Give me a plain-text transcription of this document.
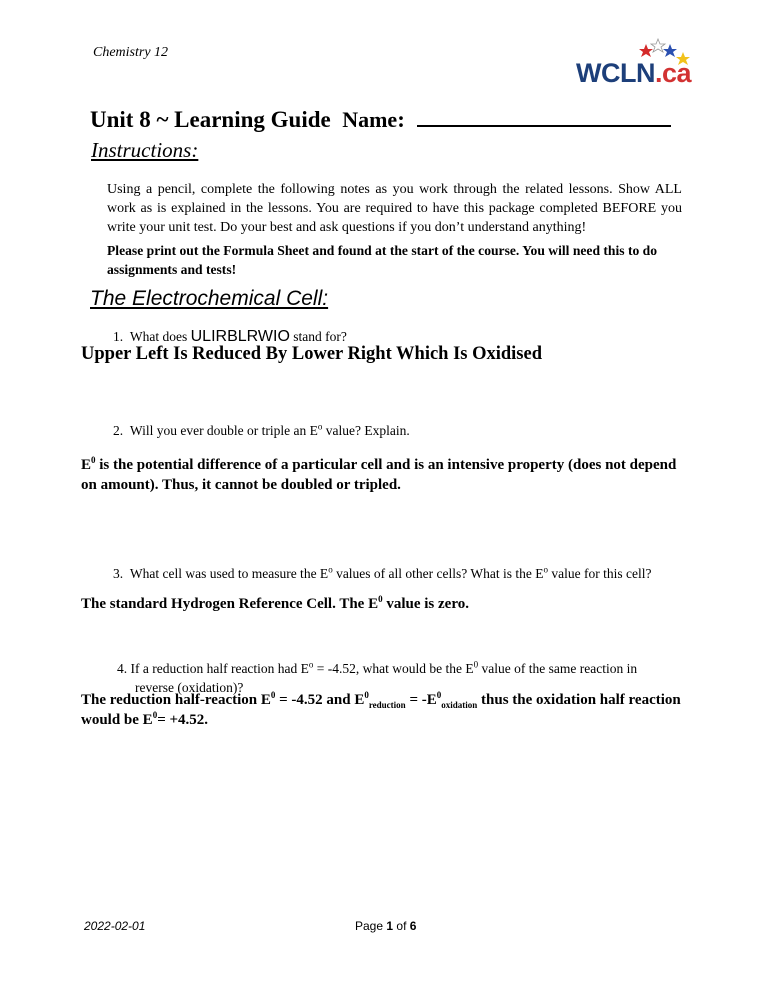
Chemistry 12
WCLN.ca
Unit 8 ~ Learning Guide Name:
Instructions:
Using a pencil, complete the following notes as you work through the related lessons. Show ALL work as is explained in the lessons. You are required to have this package completed BEFORE you write your unit test. Do your best and ask questions if you don’t understand anything!
Please print out the Formula Sheet and found at the start of the course. You will need this to do assignments and tests!
The Electrochemical Cell:
1. What does ULIRBLRWIO stand for?
Upper Left Is Reduced By Lower Right Which Is Oxidised
2. Will you ever double or triple an $E^o$ value? Explain.
$E^0$ is the potential difference of a particular cell and is an intensive property (does not depend on amount). Thus, it cannot be doubled or tripled.
3. What cell was used to measure the $E^o$ values of all other cells? What is the $E^o$ value for this cell?
The standard Hydrogen Reference Cell. The $E^0$ value is zero.
4. If a reduction half reaction had $E^o = -4.52$, what would be the $E^0$ value of the same reaction in
reverse (oxidation)?
The reduction half-reaction $E^0 = -4.52$ and $E^0_{reduction} = -E^0_{oxidation}$ thus the oxidation half reaction would be $E^0= +4.52$.
2022-02-01	Page 1 of 6
